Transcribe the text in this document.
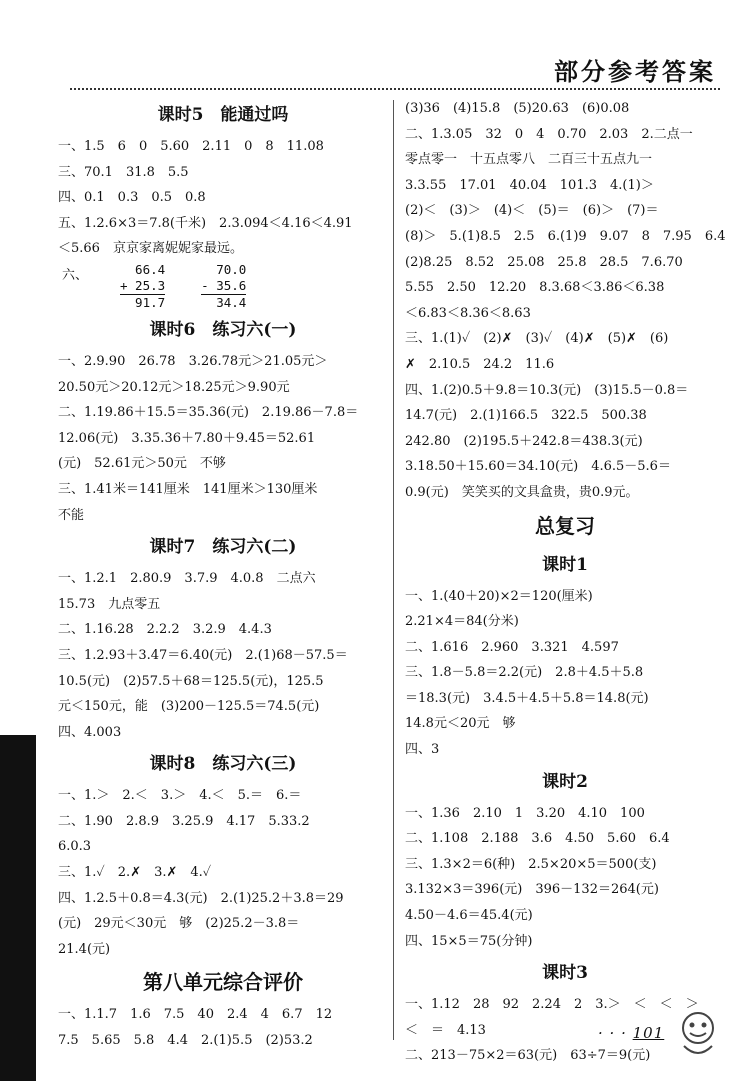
部分参考答案
课时5　能通过吗
一、1.5　6　0　5.60　2.11　0　8　11.08
三、70.1　31.8　5.5
四、0.1　0.3　0.5　0.8
五、1.2.6×3＝7.8(千米)　2.3.094＜4.16＜4.91
＜5.66　京京家离妮妮家最远。
六、	66.4
+ 25.3
91.7
70.0
- 35.6
34.4
课时6　练习六(一)
一、2.9.90　26.78　3.26.78元＞21.05元＞
20.50元＞20.12元＞18.25元＞9.90元
二、1.19.86＋15.5＝35.36(元)　2.19.86－7.8＝
12.06(元)　3.35.36＋7.80＋9.45＝52.61
(元)　52.61元＞50元　不够
三、1.41米＝141厘米　141厘米＞130厘米
不能
课时7　练习六(二)
一、1.2.1　2.80.9　3.7.9　4.0.8　二点六
15.73　九点零五
二、1.16.28　2.2.2　3.2.9　4.4.3
三、1.2.93＋3.47＝6.40(元)　2.(1)68－57.5＝
10.5(元)　(2)57.5＋68＝125.5(元)，125.5
元＜150元，能　(3)200－125.5＝74.5(元)
四、4.003
课时8　练习六(三)
一、1.＞　2.＜　3.＞　4.＜　5.＝　6.＝
二、1.90　2.8.9　3.25.9　4.17　5.33.2
6.0.3
三、1.✓　2.✗　3.✗　4.✓
四、1.2.5＋0.8＝4.3(元)　2.(1)25.2＋3.8＝29
(元)　29元＜30元　够　(2)25.2－3.8＝
21.4(元)
第八单元综合评价
一、1.1.7　1.6　7.5　40　2.4　4　6.7　12
7.5　5.65　5.8　4.4　2.(1)5.5　(2)53.2
(3)36　(4)15.8　(5)20.63　(6)0.08
二、1.3.05　32　0　4　0.70　2.03　2.二点一
零点零一　十五点零八　二百三十五点九一
3.3.55　17.01　40.04　101.3　4.(1)＞
(2)＜　(3)＞　(4)＜　(5)＝　(6)＞　(7)＝
(8)＞　5.(1)8.5　2.5　6.(1)9　9.07　8　7.95　6.4
(2)8.25　8.52　25.08　25.8　28.5　7.6.70
5.55　2.50　12.20　8.3.68＜3.86＜6.38
＜6.83＜8.36＜8.63
三、1.(1)✓　(2)✗　(3)✓　(4)✗　(5)✗　(6)
✗　2.10.5　24.2　11.6
四、1.(2)0.5＋9.8＝10.3(元)　(3)15.5－0.8＝
14.7(元)　2.(1)166.5　322.5　500.38
242.80　(2)195.5＋242.8＝438.3(元)
3.18.50＋15.60＝34.10(元)　4.6.5－5.6＝
0.9(元)　笑笑买的文具盒贵，贵0.9元。
总复习
课时1
一、1.(40＋20)×2＝120(厘米)
2.21×4＝84(分米)
二、1.616　2.960　3.321　4.597
三、1.8－5.8＝2.2(元)　2.8＋4.5＋5.8
＝18.3(元)　3.4.5＋4.5＋5.8＝14.8(元)
14.8元＜20元　够
四、3
课时2
一、1.36　2.10　1　3.20　4.10　100
二、1.108　2.188　3.6　4.50　5.60　6.4
三、1.3×2＝6(种)　2.5×20×5＝500(支)
3.132×3＝396(元)　396－132＝264(元)
4.50－4.6＝45.4(元)
四、15×5＝75(分钟)
课时3
一、1.12　28　92　2.24　2　3.＞　＜　＜　＞
＜　＝　4.13
二、213－75×2＝63(元)　63÷7＝9(元)
· · · 101
